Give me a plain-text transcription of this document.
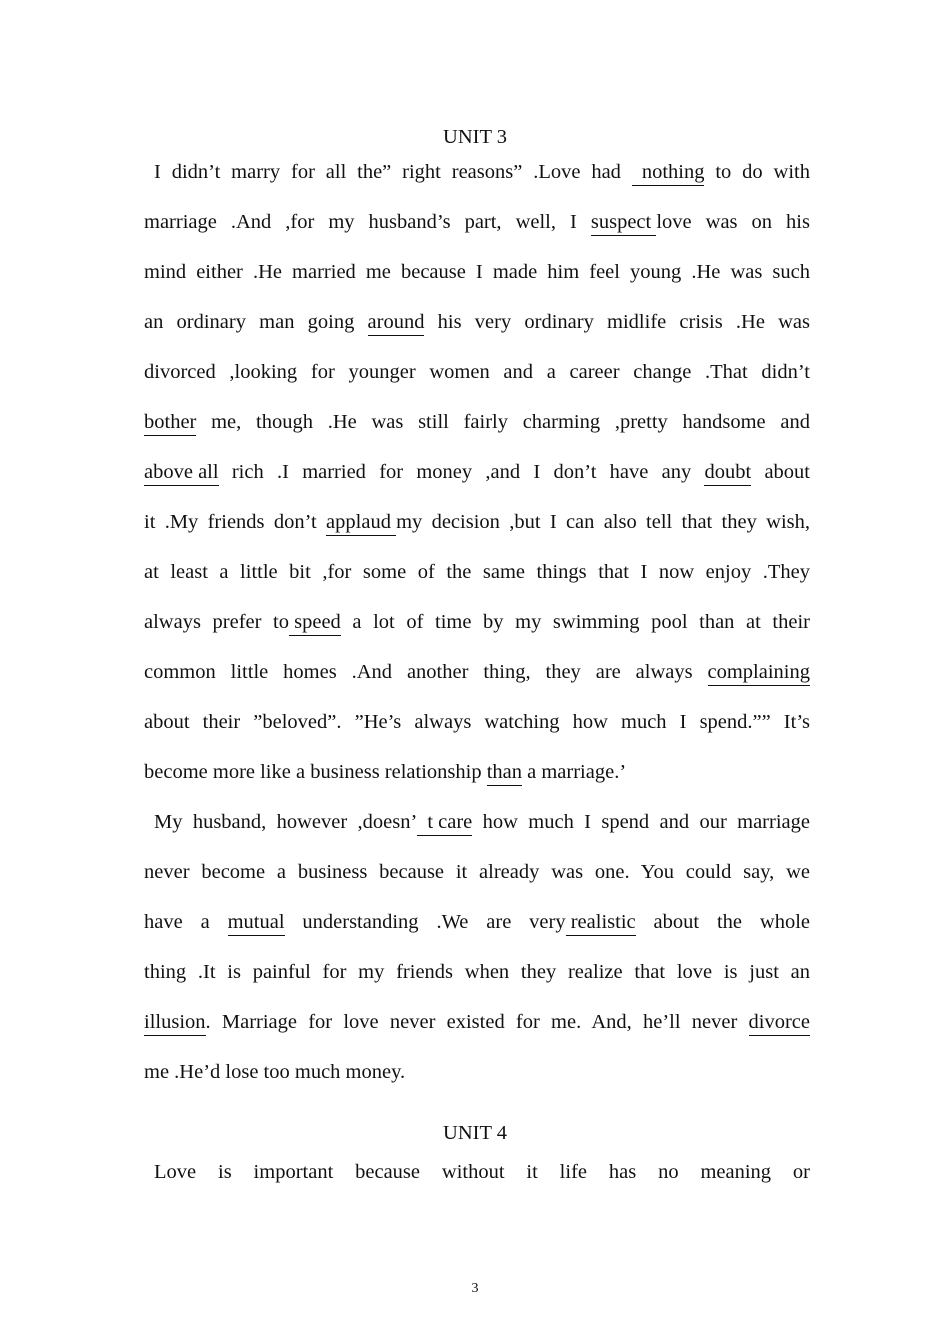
UNIT 3
I didn’t marry for all the” right reasons” .Love had nothing to do with
marriage .And ,for my husband’s part, well, I suspect love was on his
mind either .He married me because I made him feel young .He was such
an ordinary man going around his very ordinary midlife crisis .He was
divorced ,looking for younger women and a career change .That didn’t
bother me, though .He was still fairly charming ,pretty handsome and
above all rich .I married for money ,and I don’t have any doubt about
it .My friends don’t applaud my decision ,but I can also tell that they wish,
at least a little bit ,for some of the same things that I now enjoy .They
always prefer to speed a lot of time by my swimming pool than at their
common little homes .And another thing, they are always complaining
about their ”beloved”. ”He’s always watching how much I spend.”” It’s
become more like a business relationship than a marriage.’
My husband, however ,doesn’ t care how much I spend and our marriage
never become a business because it already was one. You could say, we
have a mutual understanding .We are very realistic about the whole
thing .It is painful for my friends when they realize that love is just an
illusion. Marriage for love never existed for me. And, he’ll never divorce
me .He’d lose too much money.
Love is important because without it life has no meaning or
UNIT 4
3
